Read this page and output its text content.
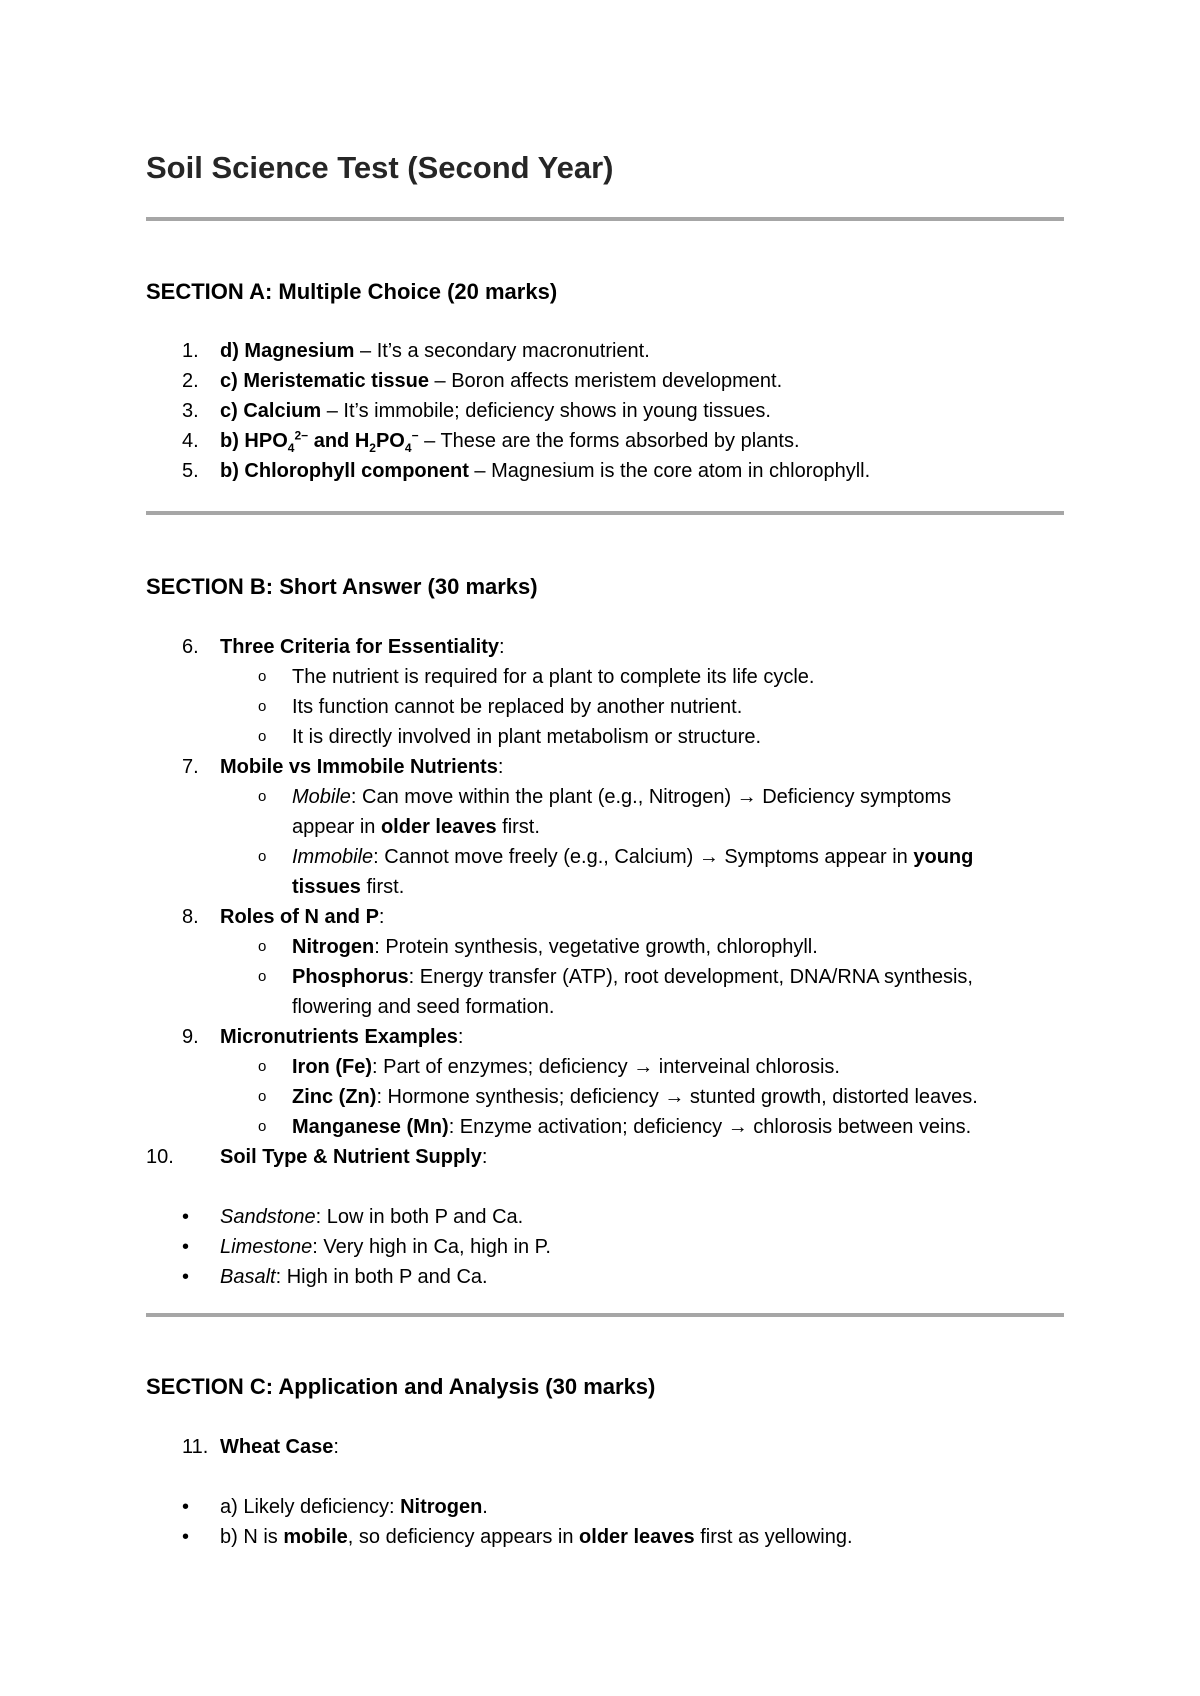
Soil Science Test (Second Year)
SECTION A: Multiple Choice (20 marks)
1.	d) Magnesium – It’s a secondary macronutrient.
2.	c) Meristematic tissue – Boron affects meristem development.
3.	c) Calcium – It’s immobile; deficiency shows in young tissues.
4.	b) $HPO_4^{2-}$ and $H_2PO_4^-$ – These are the forms absorbed by plants.
5.	b) Chlorophyll component – Magnesium is the core atom in chlorophyll.
SECTION B: Short Answer (30 marks)
6.	Three Criteria for Essentiality:
o The nutrient is required for a plant to complete its life cycle.
o Its function cannot be replaced by another nutrient.
o It is directly involved in plant metabolism or structure.
7.	Mobile vs Immobile Nutrients:
o Mobile: Can move within the plant (e.g., Nitrogen) → Deficiency symptoms
appear in older leaves first.
o Immobile: Cannot move freely (e.g., Calcium) → Symptoms appear in young
tissues first.
8.	Roles of N and P:
o Nitrogen: Protein synthesis, vegetative growth, chlorophyll.
o Phosphorus: Energy transfer (ATP), root development, DNA/RNA synthesis,
flowering and seed formation.
9.	Micronutrients Examples:
o Iron (Fe): Part of enzymes; deficiency → interveinal chlorosis.
o Zinc (Zn): Hormone synthesis; deficiency → stunted growth, distorted leaves.
o Manganese (Mn): Enzyme activation; deficiency → chlorosis between veins.
10.	Soil Type & Nutrient Supply:
• Sandstone: Low in both P and Ca.
• Limestone: Very high in Ca, high in P.
• Basalt: High in both P and Ca.
SECTION C: Application and Analysis (30 marks)
11. Wheat Case:
• a) Likely deficiency: Nitrogen.
• b) N is mobile, so deficiency appears in older leaves first as yellowing.
